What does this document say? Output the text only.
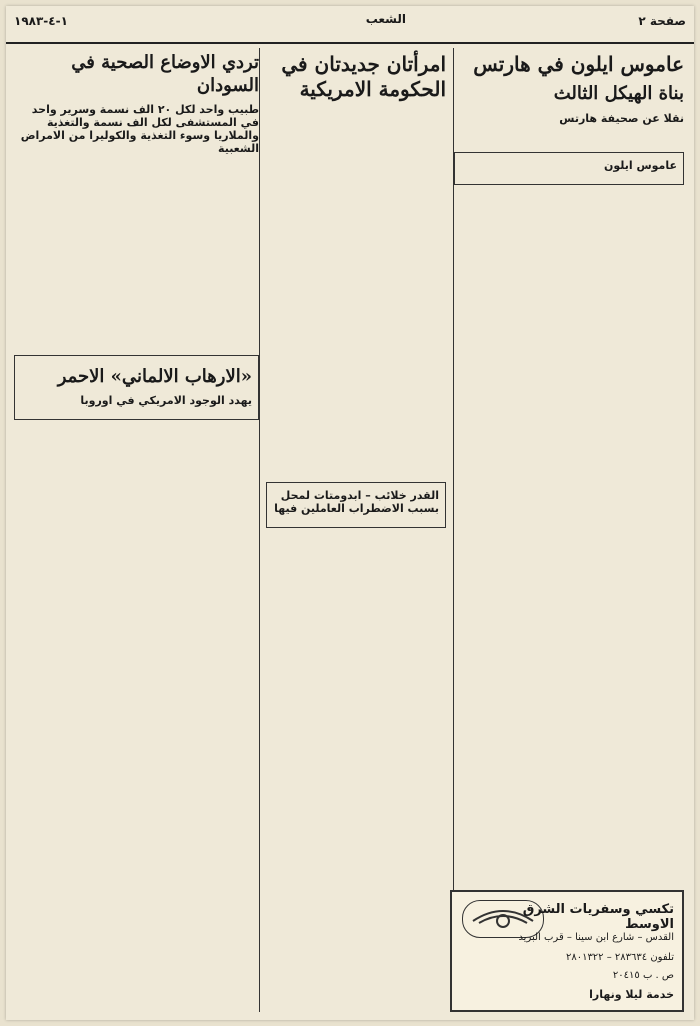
١-٤-١٩٨٣	الشعب	صفحة ٢
عاموس ايلون في هارتس
بناة الهيكل الثالث
نقلا عن صحيفة هارتس

﻿

عاموس ايلون
امرأتان جديدتان في الحكومة الامريكية

﻿

القدر خلائب – ابدومتات لمحل بسبب الاضطراب العاملين فيها
تردي الاوضاع الصحية في السودان
طبيب واحد لكل ٢٠ الف نسمة وسرير واحد في المستشفى لكل الف نسمة والتغذية والملاريا وسوء التغذية والكوليرا من الامراض الشعبية

﻿

«الارهاب الالماني» الاحمر
يهدد الوجود الامريكي في اوروبا
تكسي وسفريات الشرق الاوسط
القدس – شارع ابن سينا – قرب البريد
تلفون ٢٨٣٦٣٤ – ٢٨٠١٣٢٢
ص . ب ٢٠٤١٥
خدمة ليلا ونهارا
